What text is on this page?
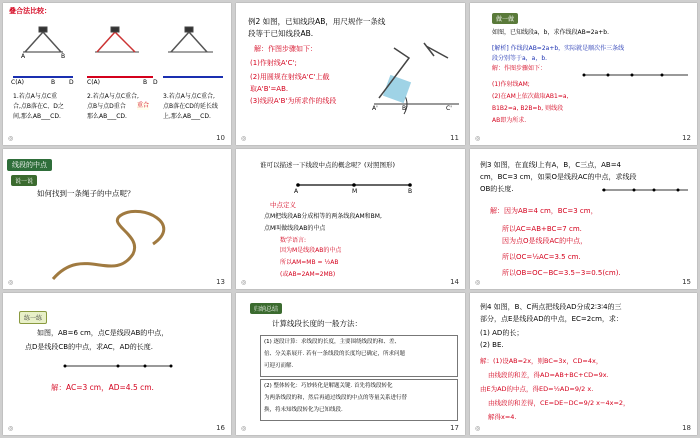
叠合法比较：
A	B
C(A)	B D C(A)	B D
1.若点A与点C重
合,点B落在C、D之
间,那么AB___CD.
2.若点A与点C重合,
点B与点D重合
那么AB___CD.
3.若点A与点C重合,
点B落在CD的延长线
上,那么AB___CD.
重合
10
◎
例2 如图，已知线段AB，用尺规作一条线
段等于已知线段AB.
解：作图步骤如下：
(1)作射线A'C';
(2)用圆规在射线A'C'上截
取A'B'=AB.
(3)线段A'B'为所求作的线段
A'	B'	C'
11
◎
做一做
如图，已知线段a，b，求作线段AB=2a+b.
[解析] 作线段AB=2a+b，实际就是顺次作三条线
段分别等于a，a，b.
解：作图步骤如下：
(1)作射线AM;
(2)在AM上依次截取AB1=a,
B1B2=a, B2B=b, 则线段
AB即为所求.
12
◎
线段的中点
说一说
如何找到一条绳子的中点呢？
13
◎
谁可以描述一下线段中点的概念呢？(对照图形)
A	M	B
中点定义
点M把线段AB分成相等的两条线段AM和BM,
点M叫做线段AB的中点
数学语言:
因为M是线段AB的中点
所以AM=MB = ½AB
(或AB=2AM=2MB)
14
◎
例3 如图，在直线l上有A，B，C三点，AB=4
cm，BC=3 cm，如果O是线段AC的中点，求线段
OB的长度.
解：因为AB=4 cm，BC=3 cm，
所以AC=AB+BC=7 cm.
因为点O是线段AC的中点，
所以OC=½AC=3.5 cm.
所以OB=OC−BC=3.5−3=0.5(cm).
15
◎
练一练
如图，AB=6 cm，点C是线段AB的中点，
点D是线段CB的中点，求AC，AD的长度.
解：AC=3 cm，AD=4.5 cm.
16
◎
归纳总结
计算线段长度的一般方法：
(1) 逐段计算：求线段的长度，主要围绕线段的和、差、
倍、分关系展开. 若有一条线段的长度均已确定，所求问题
可迎刃而解.
(2) 整体转化：巧妙转化是解题关键. 首先将线段转化
为两条线段的和，然后再通过线段的中点的等量关系进行替
换，将未知线段转化为已知线段.
17
◎
例4 如图，B、C两点把线段AD分成2∶3∶4的三
部分，点E是线段AD的中点，EC=2cm，求：
(1) AD的长；
(2) BE.
解：(1)设AB=2x，则BC=3x，CD=4x，
由线段的和差，得AD=AB+BC+CD=9x.
由E为AD的中点，得ED=½AD=9/2 x.
由线段的和差得，CE=DE−DC=9/2 x−4x=2，
解得x=4.
18
◎
